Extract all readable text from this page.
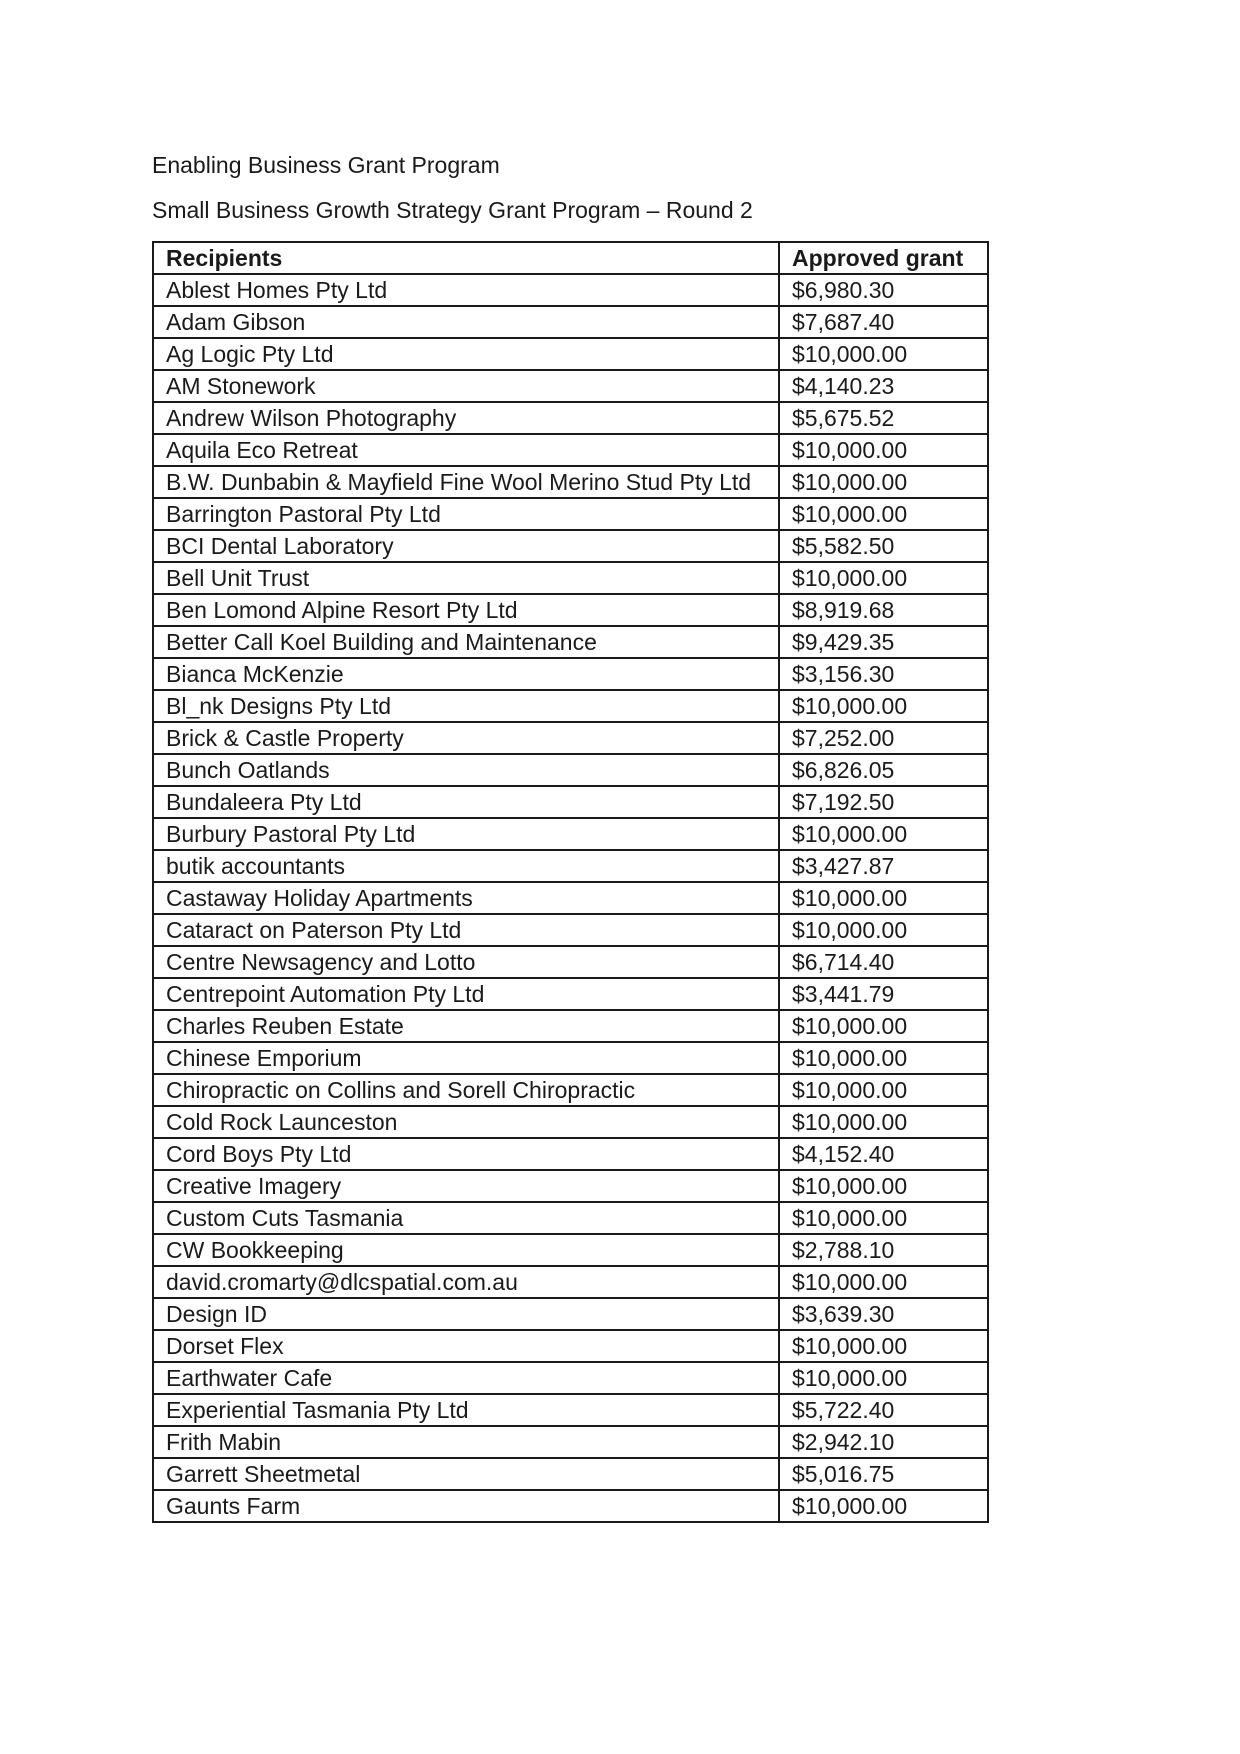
Enabling Business Grant Program
Small Business Growth Strategy Grant Program – Round 2
Recipients	Approved grant
Ablest Homes Pty Ltd	$6,980.30
Adam Gibson	$7,687.40
Ag Logic Pty Ltd	$10,000.00
AM Stonework	$4,140.23
Andrew Wilson Photography	$5,675.52
Aquila Eco Retreat	$10,000.00
B.W. Dunbabin & Mayfield Fine Wool Merino Stud Pty Ltd	$10,000.00
Barrington Pastoral Pty Ltd	$10,000.00
BCI Dental Laboratory	$5,582.50
Bell Unit Trust	$10,000.00
Ben Lomond Alpine Resort Pty Ltd	$8,919.68
Better Call Koel Building and Maintenance	$9,429.35
Bianca McKenzie	$3,156.30
Bl_nk Designs Pty Ltd	$10,000.00
Brick & Castle Property	$7,252.00
Bunch Oatlands	$6,826.05
Bundaleera Pty Ltd	$7,192.50
Burbury Pastoral Pty Ltd	$10,000.00
butik accountants	$3,427.87
Castaway Holiday Apartments	$10,000.00
Cataract on Paterson Pty Ltd	$10,000.00
Centre Newsagency and Lotto	$6,714.40
Centrepoint Automation Pty Ltd	$3,441.79
Charles Reuben Estate	$10,000.00
Chinese Emporium	$10,000.00
Chiropractic on Collins and Sorell Chiropractic	$10,000.00
Cold Rock Launceston	$10,000.00
Cord Boys Pty Ltd	$4,152.40
Creative Imagery	$10,000.00
Custom Cuts Tasmania	$10,000.00
CW Bookkeeping	$2,788.10
david.cromarty@dlcspatial.com.au	$10,000.00
Design ID	$3,639.30
Dorset Flex	$10,000.00
Earthwater Cafe	$10,000.00
Experiential Tasmania Pty Ltd	$5,722.40
Frith Mabin	$2,942.10
Garrett Sheetmetal	$5,016.75
Gaunts Farm	$10,000.00
